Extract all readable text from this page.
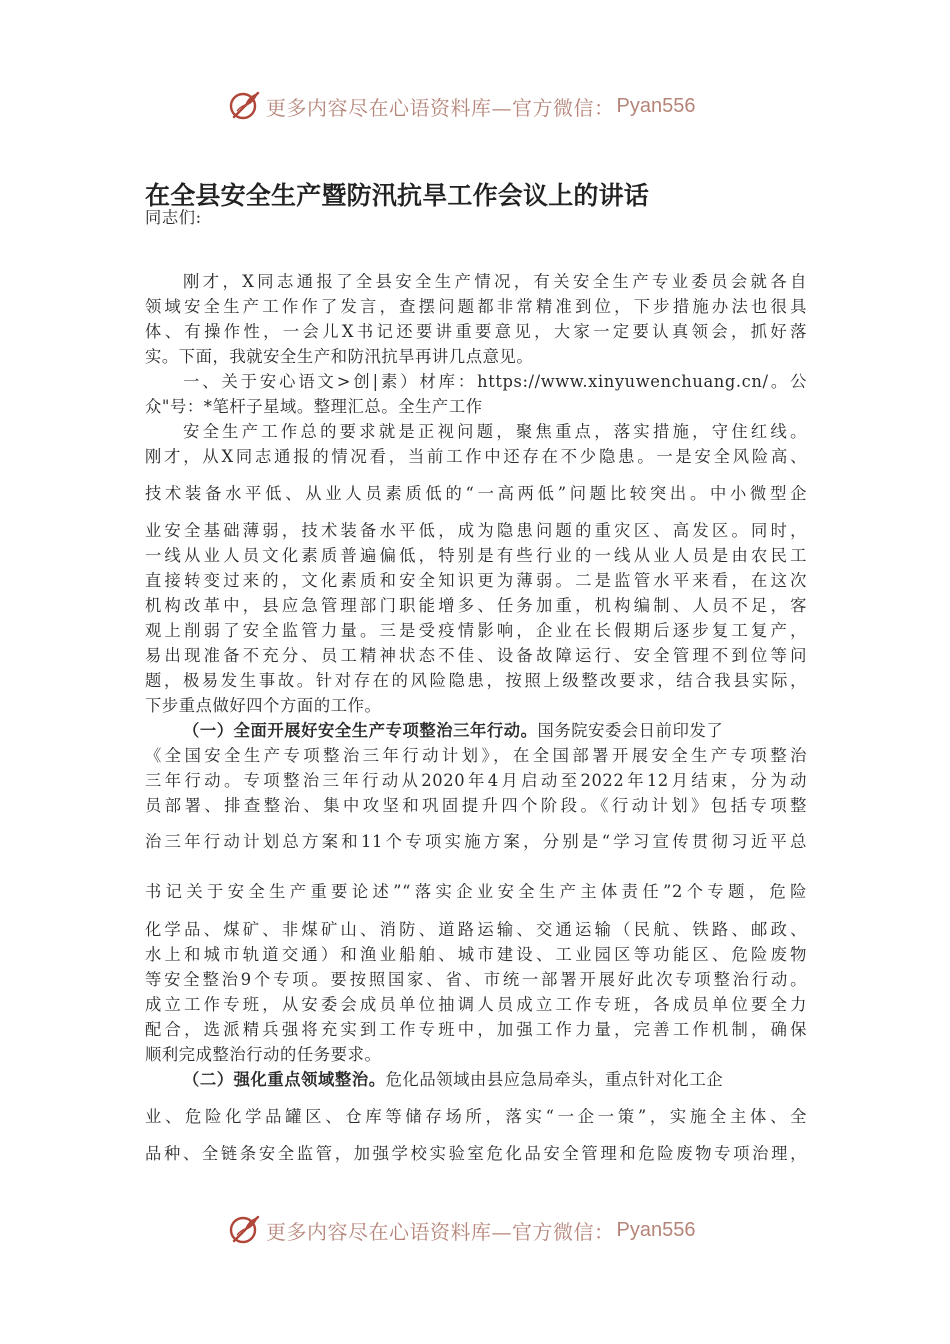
更多内容尽在心语资料库—官方微信： Pyan556
在全县安全生产暨防汛抗旱工作会议上的讲话
同志们:
刚才，X同志通报了全县安全生产情况，有关安全生产专业委员会就各自
领域安全生产工作作了发言，查摆问题都非常精准到位，下步措施办法也很具
体、有操作性，一会儿X书记还要讲重要意见，大家一定要认真领会，抓好落
实。下面，我就安全生产和防汛抗旱再讲几点意见。
一、关于安心语文>创|素）材库：https://www.xinyuwenchuang.cn/。公
众"号：*笔杆子星域。整理汇总。全生产工作
安全生产工作总的要求就是正视问题，聚焦重点，落实措施，守住红线。
刚才，从X同志通报的情况看，当前工作中还存在不少隐患。一是安全风险高、
技术装备水平低、从业人员素质低的“一高两低”问题比较突出。中小微型企
业安全基础薄弱，技术装备水平低，成为隐患问题的重灾区、高发区。同时，
一线从业人员文化素质普遍偏低，特别是有些行业的一线从业人员是由农民工
直接转变过来的，文化素质和安全知识更为薄弱。二是监管水平来看，在这次
机构改革中，县应急管理部门职能增多、任务加重，机构编制、人员不足，客
观上削弱了安全监管力量。三是受疫情影响，企业在长假期后逐步复工复产，
易出现准备不充分、员工精神状态不佳、设备故障运行、安全管理不到位等问
题，极易发生事故。针对存在的风险隐患，按照上级整改要求，结合我县实际，
下步重点做好四个方面的工作。
（一）全面开展好安全生产专项整治三年行动。国务院安委会日前印发了
《全国安全生产专项整治三年行动计划》，在全国部署开展安全生产专项整治
三年行动。专项整治三年行动从2020年4月启动至2022年12月结束，分为动
员部署、排查整治、集中攻坚和巩固提升四个阶段。《行动计划》包括专项整
治三年行动计划总方案和11个专项实施方案，分别是“学习宣传贯彻习近平总
书记关于安全生产重要论述”“落实企业安全生产主体责任”2个专题，危险
化学品、煤矿、非煤矿山、消防、道路运输、交通运输（民航、铁路、邮政、
水上和城市轨道交通）和渔业船舶、城市建设、工业园区等功能区、危险废物
等安全整治9个专项。要按照国家、省、市统一部署开展好此次专项整治行动。
成立工作专班，从安委会成员单位抽调人员成立工作专班，各成员单位要全力
配合，选派精兵强将充实到工作专班中，加强工作力量，完善工作机制，确保
顺利完成整治行动的任务要求。
（二）强化重点领域整治。危化品领域由县应急局牵头，重点针对化工企
业、危险化学品罐区、仓库等储存场所，落实“一企一策”，实施全主体、全
品种、全链条安全监管，加强学校实验室危化品安全管理和危险废物专项治理，
更多内容尽在心语资料库—官方微信： Pyan556
